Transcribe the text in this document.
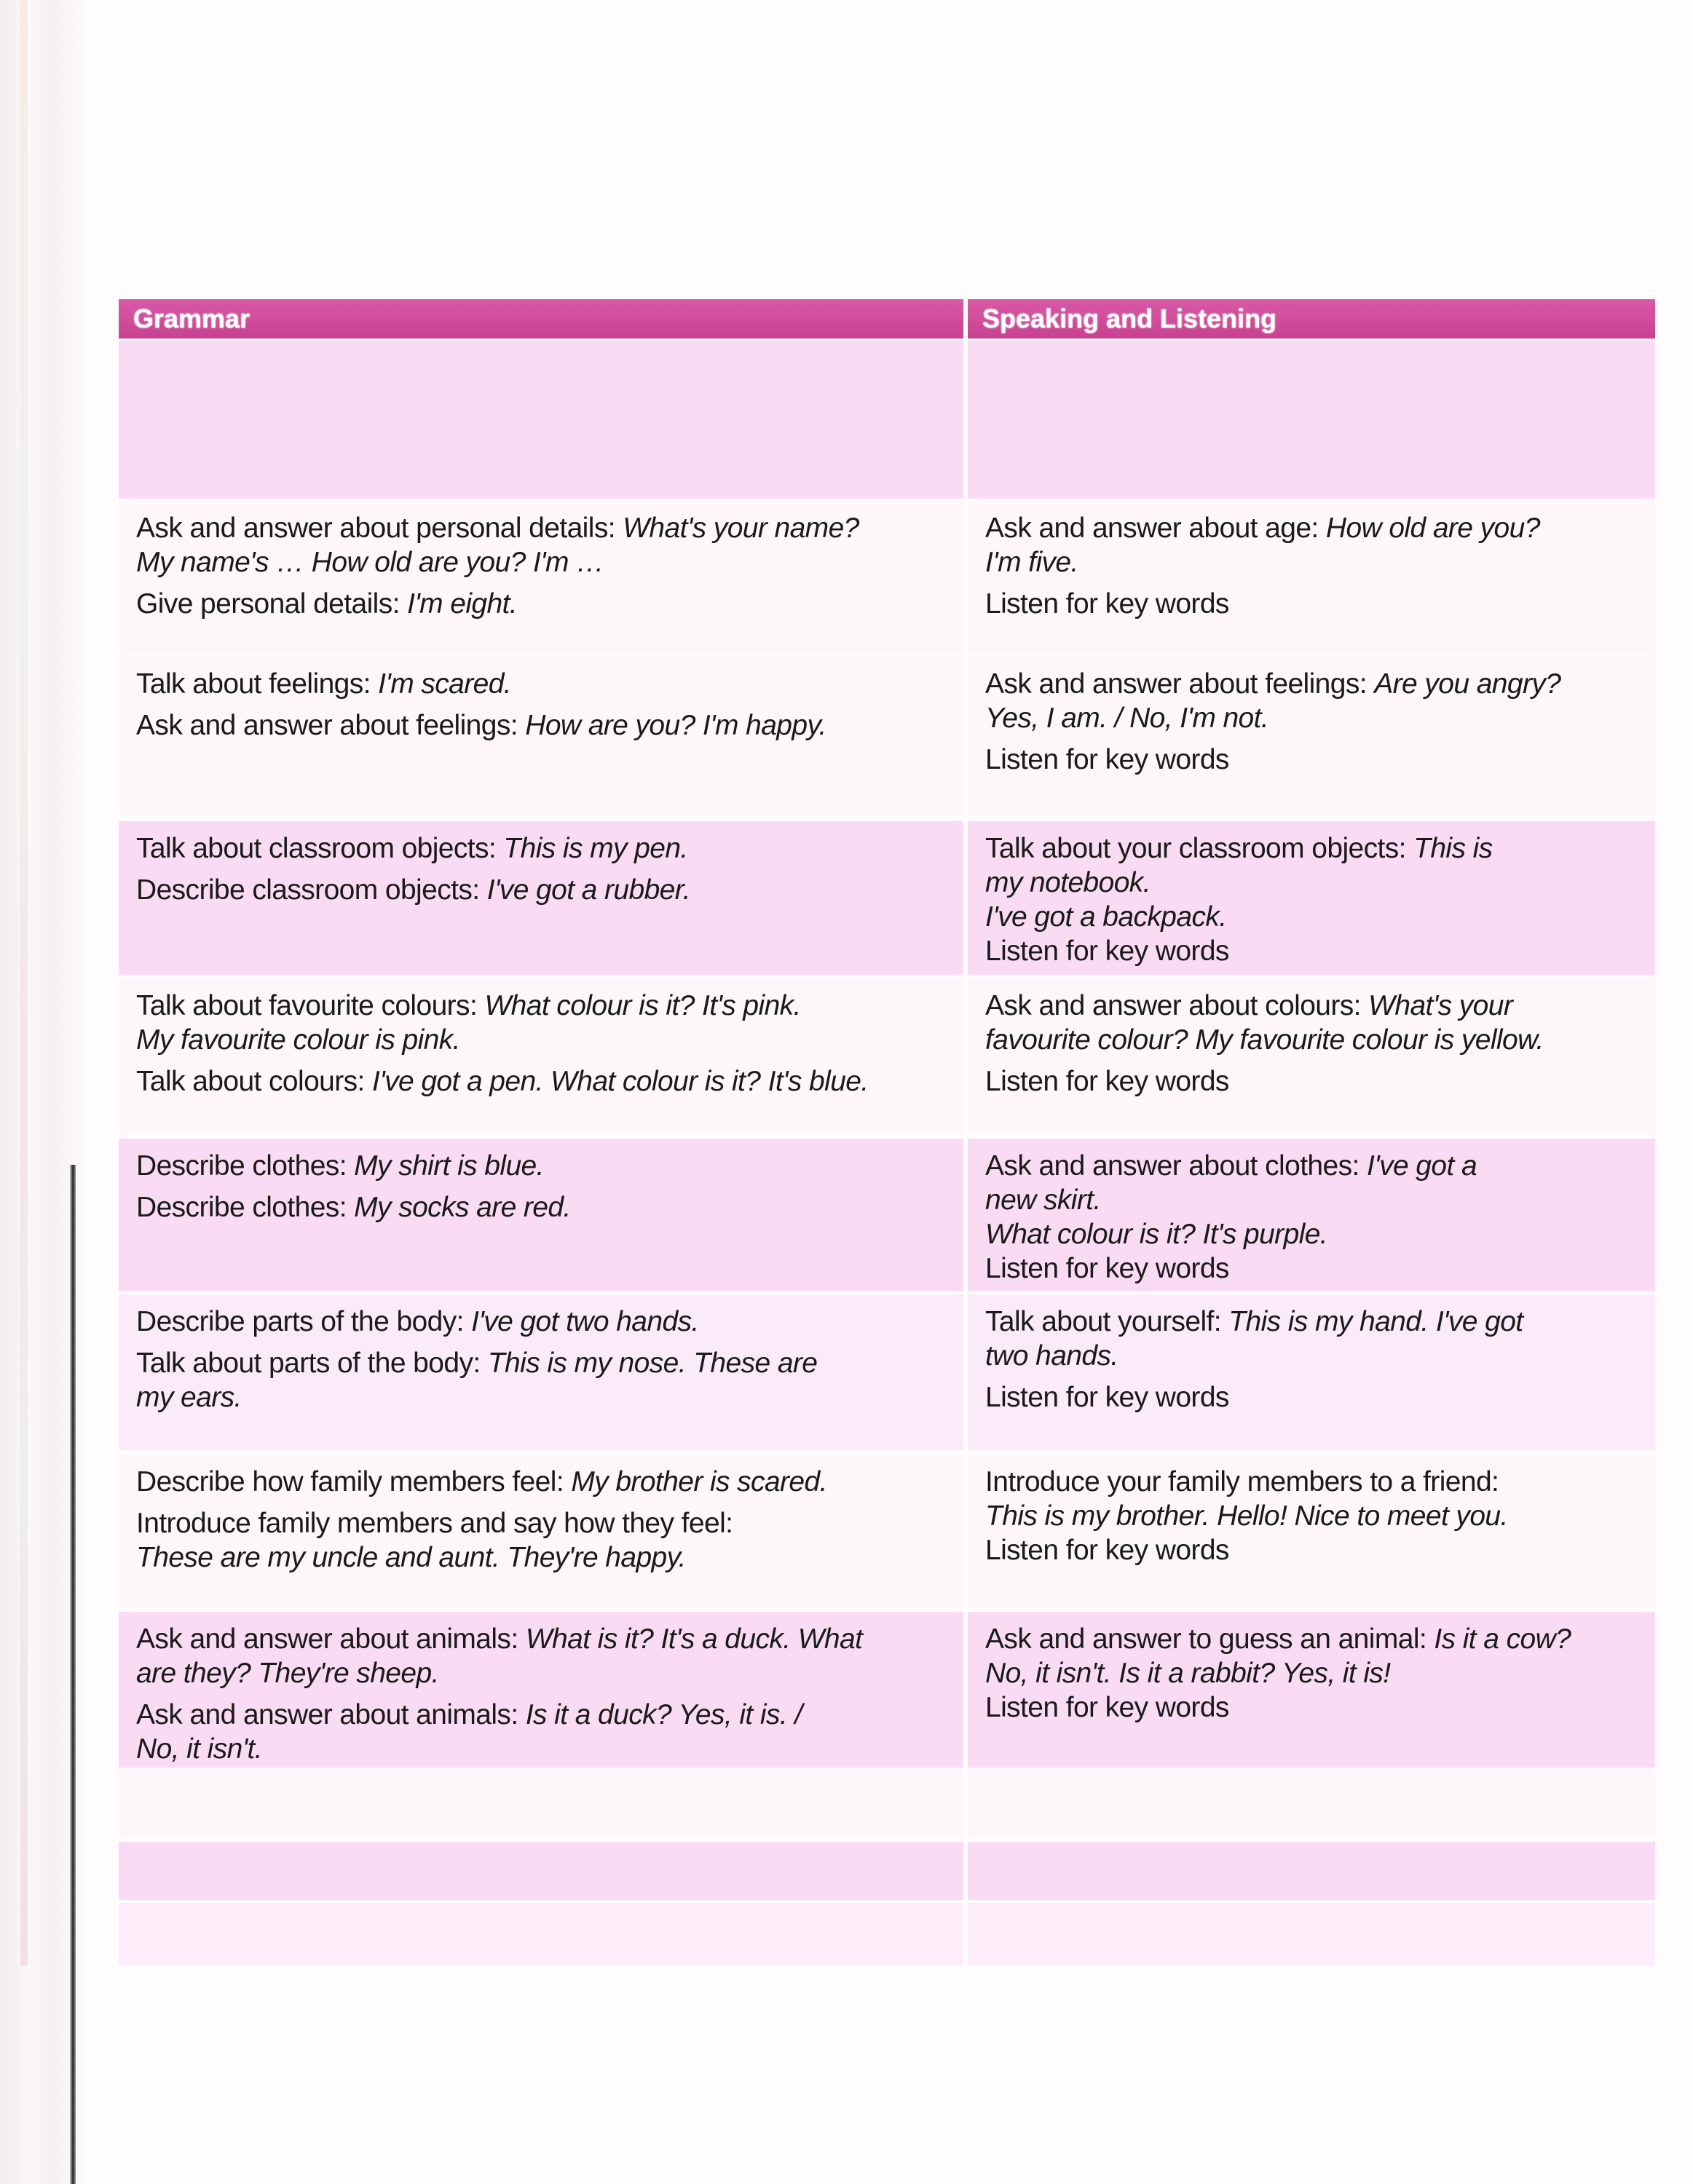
Grammar	Speaking and Listening
Ask and answer about personal details: What's your name?
My name's … How old are you? I'm …
Give personal details: I'm eight.
Ask and answer about age: How old are you?
I'm five.
Listen for key words
Talk about feelings: I'm scared.
Ask and answer about feelings: How are you? I'm happy.
Ask and answer about feelings: Are you angry?
Yes, I am. / No, I'm not.
Listen for key words
Talk about classroom objects: This is my pen.
Describe classroom objects: I've got a rubber.
Talk about your classroom objects: This is
my notebook.
I've got a backpack.
Listen for key words
Talk about favourite colours: What colour is it? It's pink.
My favourite colour is pink.
Talk about colours: I've got a pen. What colour is it? It's blue.
Ask and answer about colours: What's your
favourite colour? My favourite colour is yellow.
Listen for key words
Describe clothes: My shirt is blue.
Describe clothes: My socks are red.
Ask and answer about clothes: I've got a
new skirt.
What colour is it? It's purple.
Listen for key words
Describe parts of the body: I've got two hands.
Talk about parts of the body: This is my nose. These are
my ears.
Talk about yourself: This is my hand. I've got
two hands.
Listen for key words
Describe how family members feel: My brother is scared.
Introduce family members and say how they feel:
These are my uncle and aunt. They're happy.
Introduce your family members to a friend:
This is my brother. Hello! Nice to meet you.
Listen for key words
Ask and answer about animals: What is it? It's a duck. What
are they? They're sheep.
Ask and answer about animals: Is it a duck? Yes, it is. /
No, it isn't.
Ask and answer to guess an animal: Is it a cow?
No, it isn't. Is it a rabbit? Yes, it is!
Listen for key words
